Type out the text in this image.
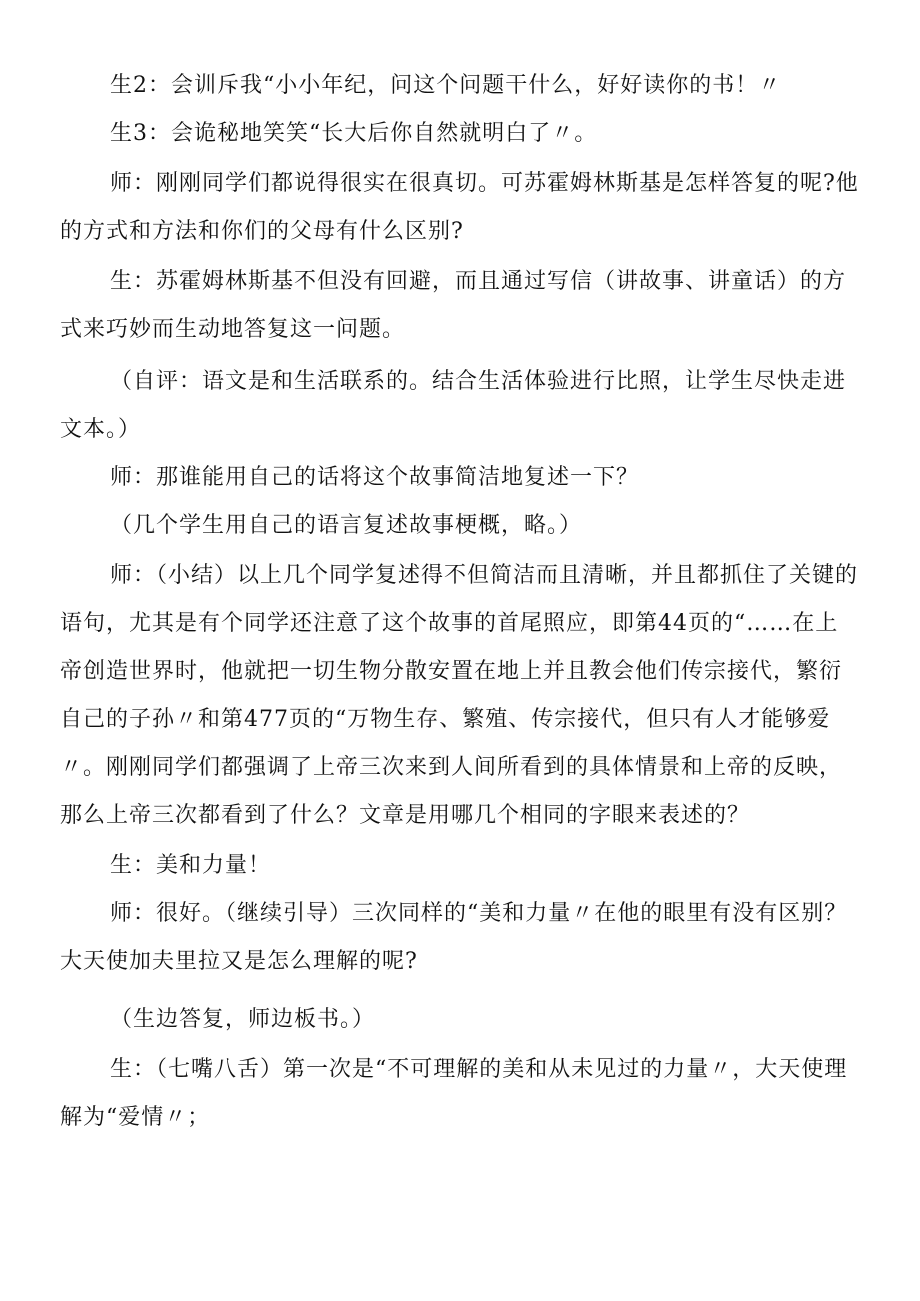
生2：会训斥我“小小年纪，问这个问题干什么，好好读你的书！〃

生3：会诡秘地笑笑“长大后你自然就明白了〃。

师：刚刚同学们都说得很实在很真切。可苏霍姆林斯基是怎样答复的呢?他的方式和方法和你们的父母有什么区别?

生：苏霍姆林斯基不但没有回避，而且通过写信（讲故事、讲童话）的方式来巧妙而生动地答复这一问题。

（自评：语文是和生活联系的。结合生活体验进行比照，让学生尽快走进文本。）

师：那谁能用自己的话将这个故事简洁地复述一下？

（几个学生用自己的语言复述故事梗概，略。）

师：（小结）以上几个同学复述得不但简洁而且清晰，并且都抓住了关键的语句，尤其是有个同学还注意了这个故事的首尾照应，即第44页的“……在上帝创造世界时，他就把一切生物分散安置在地上并且教会他们传宗接代，繁衍自己的子孙〃和第477页的“万物生存、繁殖、传宗接代，但只有人才能够爱〃。刚刚同学们都强调了上帝三次来到人间所看到的具体情景和上帝的反映，那么上帝三次都看到了什么？文章是用哪几个相同的字眼来表述的？

生：美和力量！

师：很好。（继续引导）三次同样的“美和力量〃在他的眼里有没有区别？大天使加夫里拉又是怎么理解的呢?

（生边答复，师边板书。）

生：（七嘴八舌）第一次是“不可理解的美和从未见过的力量〃，大天使理解为“爱情〃；
